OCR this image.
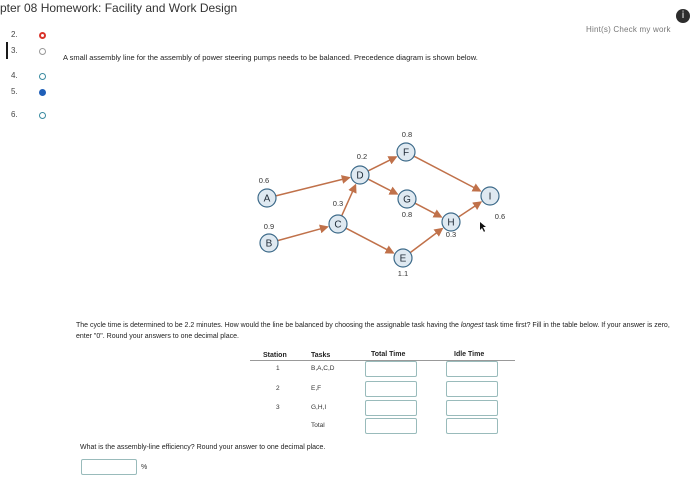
pter 08 Homework: Facility and Work Design
i
Hint(s) Check my work
2.
3.
4.
5.
6.
A small assembly line for the assembly of power steering pumps needs to be balanced. Precedence diagram is shown below.
A
0.6
B
0.9	C
0.3
D
0.2
E
1.1
F
0.8
G
0.8
H
0.3
I
0.6
The cycle time is determined to be 2.2 minutes. How would the line be balanced by choosing the assignable task having the longest task time first? Fill in the table below. If your answer is zero, enter "0". Round your answers to one decimal place.
Station	Tasks	Total Time	Idle Time
1	B,A,C,D
2	E,F
3	G,H,I
Total
What is the assembly-line efficiency? Round your answer to one decimal place.
%
